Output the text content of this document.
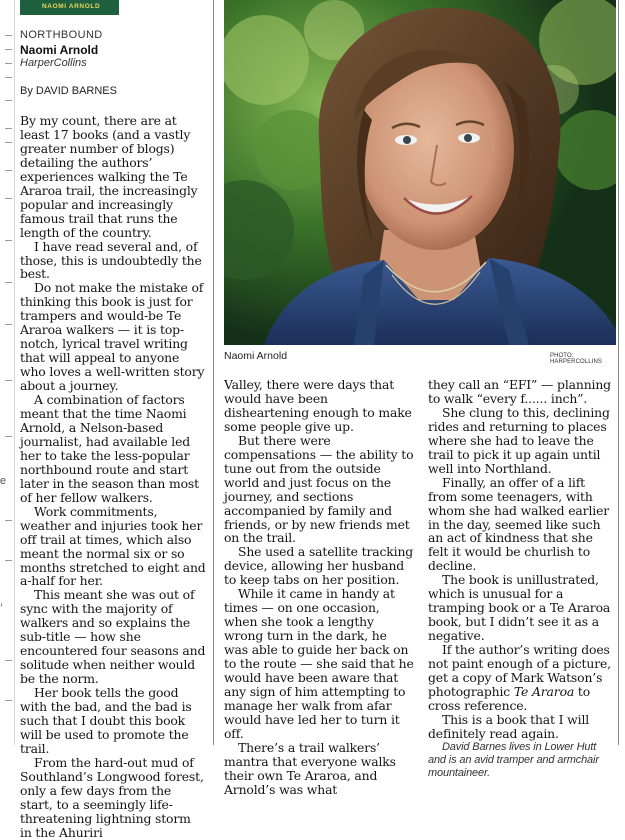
e
,
NAOMI ARNOLD
NORTHBOUND
Naomi Arnold
HarperCollins
By DAVID BARNES
Naomi Arnold	PHOTO: HARPERCOLLINS

By my count, there are at least 17 books (and a vastly greater number of blogs) detailing the authors’ experiences walking the Te Araroa trail, the increasingly popular and increasingly famous trail that runs the length of the country.

I have read several and, of those, this is undoubtedly the best.

Do not make the mistake of thinking this book is just for trampers and would-be Te Araroa walkers — it is top-notch, lyrical travel writing that will appeal to anyone who loves a well-written story about a journey.

A combination of factors meant that the time Naomi Arnold, a Nelson-based journalist, had available led her to take the less-popular northbound route and start later in the season than most of her fellow walkers.

Work commitments, weather and injuries took her off trail at times, which also meant the normal six or so months stretched to eight and a-half for her.

This meant she was out of sync with the majority of walkers and so explains the sub-title — how she encountered four seasons and solitude when neither would be the norm.

Her book tells the good with the bad, and the bad is such that I doubt this book will be used to promote the trail.

From the hard-out mud of Southland’s Longwood forest, only a few days from the start, to a seemingly life-threatening lightning storm in the Ahuriri

Valley, there were days that would have been disheartening enough to make some people give up.

But there were compensations — the ability to tune out from the outside world and just focus on the journey, and sections accompanied by family and friends, or by new friends met on the trail.

She used a satellite tracking device, allowing her husband to keep tabs on her position.

While it came in handy at times — on one occasion, when she took a lengthy wrong turn in the dark, he was able to guide her back on to the route — she said that he would have been aware that any sign of him attempting to manage her walk from afar would have led her to turn it off.

There’s a trail walkers’ mantra that everyone walks their own Te Araroa, and Arnold’s was what

they call an “EFI” — planning to walk “every f...... inch”.

She clung to this, declining rides and returning to places where she had to leave the trail to pick it up again until well into Northland.

Finally, an offer of a lift from some teenagers, with whom she had walked earlier in the day, seemed like such an act of kindness that she felt it would be churlish to decline.

The book is unillustrated, which is unusual for a tramping book or a Te Araroa book, but I didn’t see it as a negative.

If the author’s writing does not paint enough of a picture, get a copy of Mark Watson’s photographic Te Araroa to cross reference.

This is a book that I will definitely read again.

David Barnes lives in Lower Hutt and is an avid tramper and armchair mountaineer.
